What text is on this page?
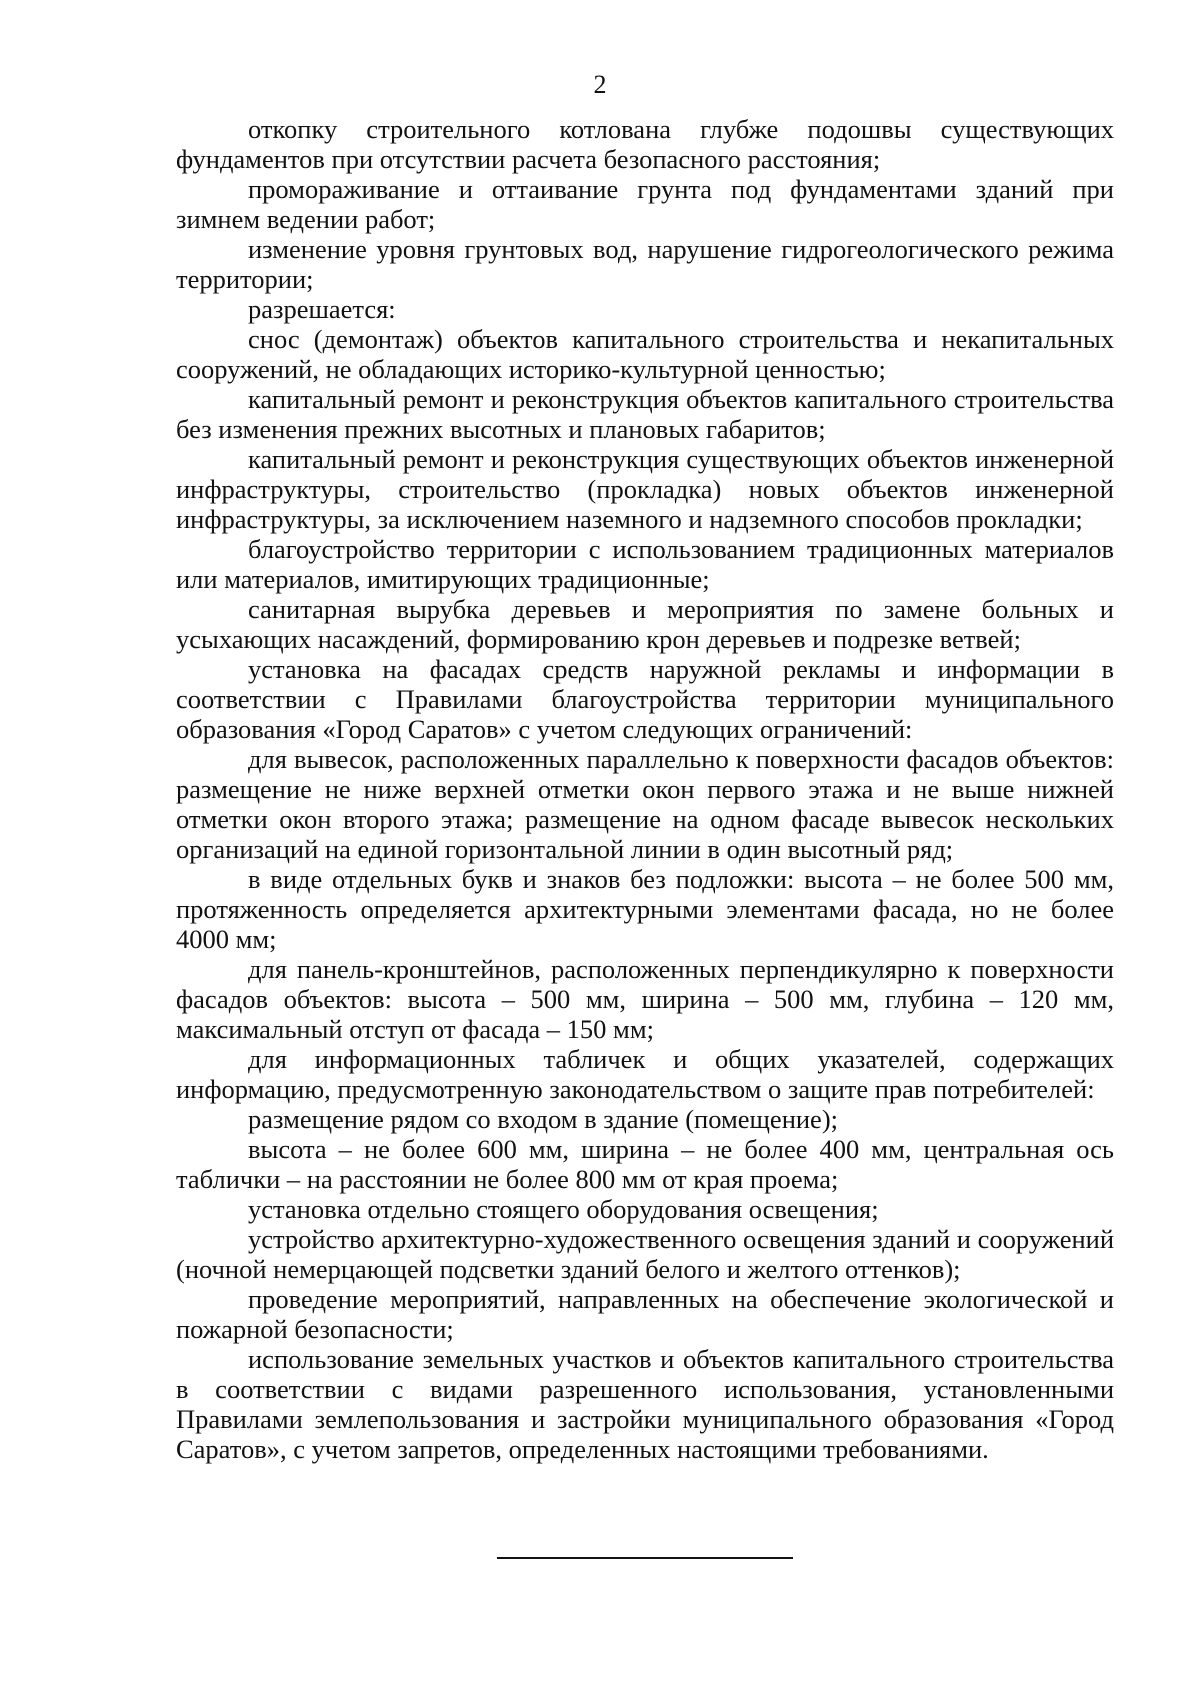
2

откопку строительного котлована глубже подошвы существующих фундаментов при отсутствии расчета безопасного расстояния;

промораживание и оттаивание грунта под фундаментами зданий при зимнем ведении работ;

изменение уровня грунтовых вод, нарушение гидрогеологического режима территории;

разрешается:

снос (демонтаж) объектов капитального строительства и некапитальных сооружений, не обладающих историко-культурной ценностью;

капитальный ремонт и реконструкция объектов капитального строительства без изменения прежних высотных и плановых габаритов;

капитальный ремонт и реконструкция существующих объектов инженерной инфраструктуры, строительство (прокладка) новых объектов инженерной инфраструктуры, за исключением наземного и надземного способов прокладки;

благоустройство территории с использованием традиционных материалов или материалов, имитирующих традиционные;

санитарная вырубка деревьев и мероприятия по замене больных и усыхающих насаждений, формированию крон деревьев и подрезке ветвей;

установка на фасадах средств наружной рекламы и информации в соответствии с Правилами благоустройства территории муниципального образования «Город Саратов» с учетом следующих ограничений:

для вывесок, расположенных параллельно к поверхности фасадов объектов: размещение не ниже верхней отметки окон первого этажа и не выше нижней отметки окон второго этажа; размещение на одном фасаде вывесок нескольких организаций на единой горизонтальной линии в один высотный ряд;

в виде отдельных букв и знаков без подложки: высота – не более 500 мм, протяженность определяется архитектурными элементами фасада, но не более 4000 мм;

для панель-кронштейнов, расположенных перпендикулярно к поверхности фасадов объектов: высота – 500 мм, ширина – 500 мм, глубина – 120 мм, максимальный отступ от фасада – 150 мм;

для информационных табличек и общих указателей, содержащих информацию, предусмотренную законодательством о защите прав потребителей:

размещение рядом со входом в здание (помещение);

высота – не более 600 мм, ширина – не более 400 мм, центральная ось таблички – на расстоянии не более 800 мм от края проема;

установка отдельно стоящего оборудования освещения;

устройство архитектурно-художественного освещения зданий и сооружений (ночной немерцающей подсветки зданий белого и желтого оттенков);

проведение мероприятий, направленных на обеспечение экологической и пожарной безопасности;

использование земельных участков и объектов капитального строительства в соответствии с видами разрешенного использования, установленными Правилами землепользования и застройки муниципального образования «Город Саратов», с учетом запретов, определенных настоящими требованиями.
